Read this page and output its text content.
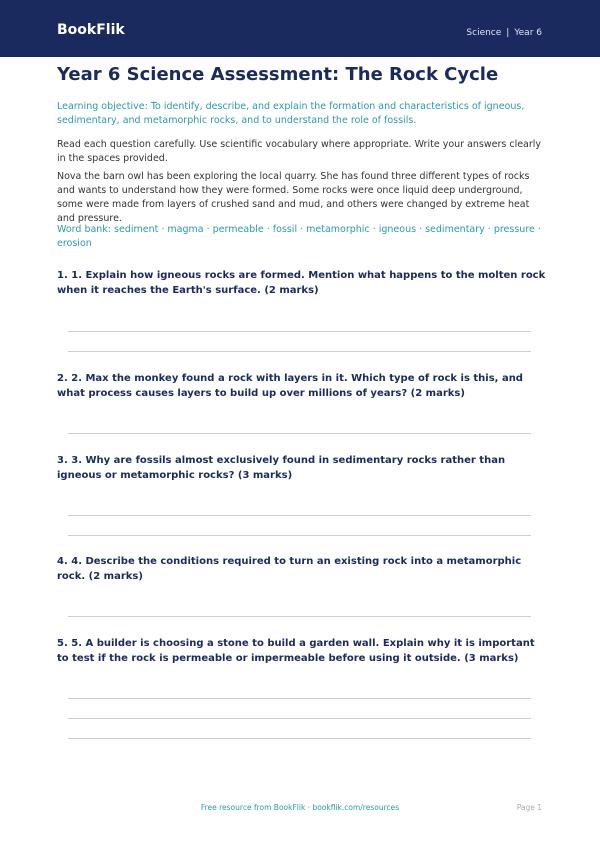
BookFlik	Science | Year 6
Year 6 Science Assessment: The Rock Cycle

Learning objective: To identify, describe, and explain the formation and characteristics of igneous, sedimentary, and metamorphic rocks, and to understand the role of fossils.

Read each question carefully. Use scientific vocabulary where appropriate. Write your answers clearly in the spaces provided.

Nova the barn owl has been exploring the local quarry. She has found three different types of rocks and wants to understand how they were formed. Some rocks were once liquid deep underground, some were made from layers of crushed sand and mud, and others were changed by extreme heat and pressure.

Word bank: sediment · magma · permeable · fossil · metamorphic · igneous · sedimentary · pressure · erosion

1. 1. Explain how igneous rocks are formed. Mention what happens to the molten rock when it reaches the Earth's surface. (2 marks)

2. 2. Max the monkey found a rock with layers in it. Which type of rock is this, and what process causes layers to build up over millions of years? (2 marks)

3. 3. Why are fossils almost exclusively found in sedimentary rocks rather than igneous or metamorphic rocks? (3 marks)

4. 4. Describe the conditions required to turn an existing rock into a metamorphic rock. (2 marks)

5. 5. A builder is choosing a stone to build a garden wall. Explain why it is important to test if the rock is permeable or impermeable before using it outside. (3 marks)

Free resource from BookFlik · bookflik.com/resources	Page 1
